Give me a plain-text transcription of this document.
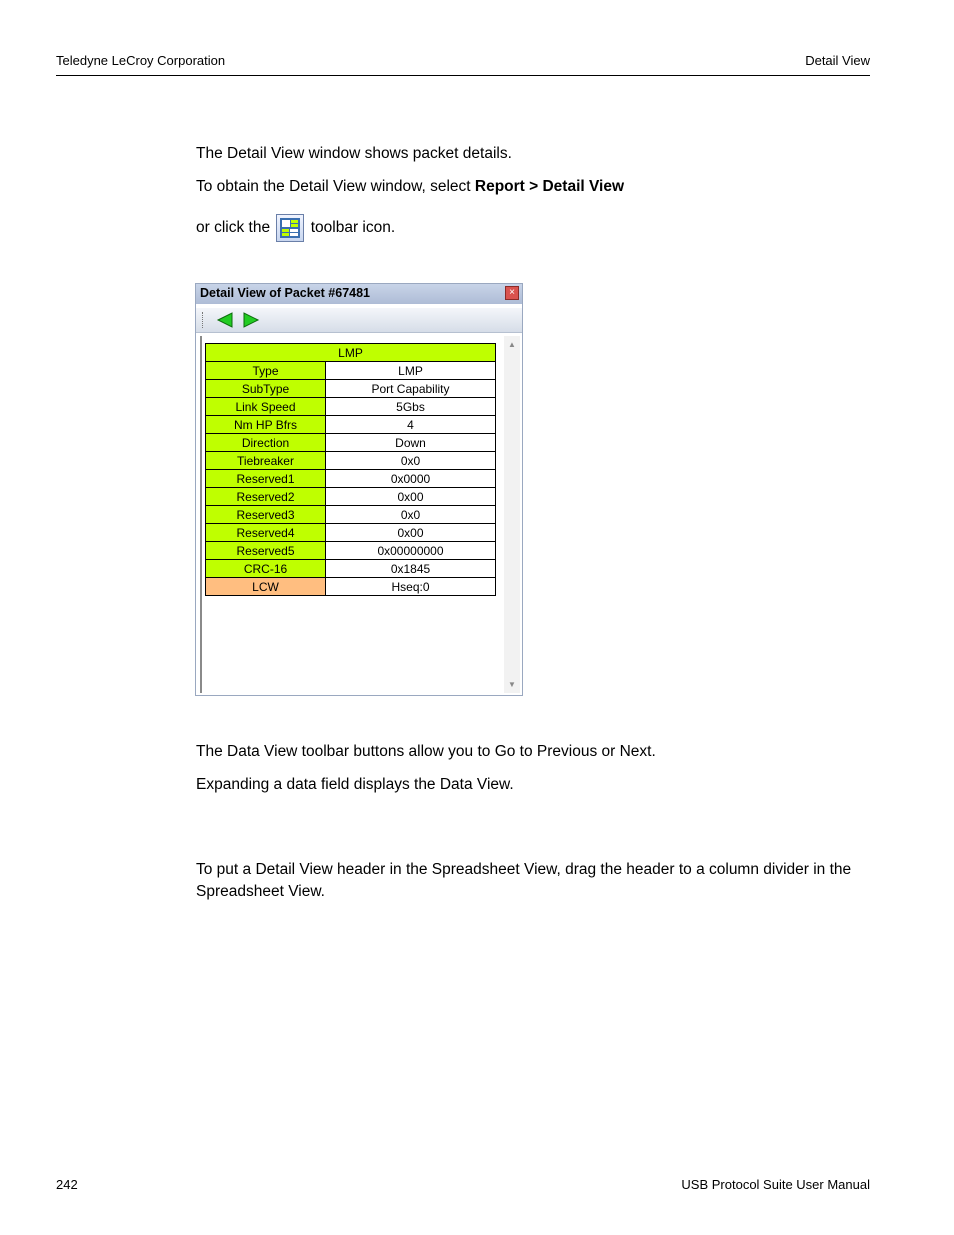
Teledyne LeCroy Corporation	Detail View
The Detail View window shows packet details.
To obtain the Detail View window, select Report > Detail View
or click the	toolbar icon.
Detail View of Packet #67481	×
LMP	
Type	LMP
SubType	Port Capability
Link Speed	5Gbs
Nm HP Bfrs	4
Direction	Down
Tiebreaker	0x0
Reserved1	0x0000
Reserved2	0x00
Reserved3	0x0
Reserved4	0x00
Reserved5	0x00000000
CRC-16	0x1845
LCW	Hseq:0
▲
▼
The Data View toolbar buttons allow you to Go to Previous or Next.
Expanding a data field displays the Data View.
To put a Detail View header in the Spreadsheet View, drag the header to a column divider in the Spreadsheet View.
242	USB Protocol Suite User Manual
